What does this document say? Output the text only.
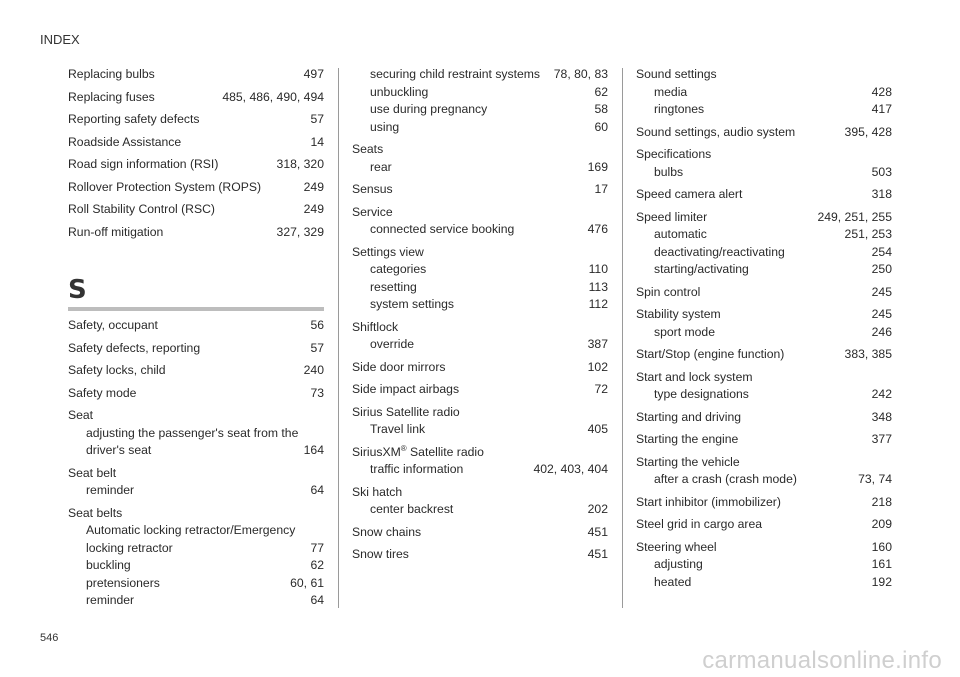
INDEX
Replacing bulbs	497
Replacing fuses	485, 486, 490, 494
Reporting safety defects	57
Roadside Assistance	14
Road sign information (RSI)	318, 320
Rollover Protection System (ROPS)	249
Roll Stability Control (RSC)	249
Run-off mitigation	327, 329
S
Safety, occupant	56
Safety defects, reporting	57
Safety locks, child	240
Safety mode	73
Seat
adjusting the passenger's seat from the
driver's seat	164
Seat belt
reminder	64
Seat belts
Automatic locking retractor/Emergency
locking retractor	77
buckling	62
pretensioners	60, 61
reminder	64
securing child restraint systems	78, 80, 83
unbuckling	62
use during pregnancy	58
using	60
Seats
rear	169
Sensus	17
Service
connected service booking	476
Settings view
categories	110
resetting	113
system settings	112
Shiftlock
override	387
Side door mirrors	102
Side impact airbags	72
Sirius Satellite radio
Travel link	405
SiriusXM® Satellite radio
traffic information	402, 403, 404
Ski hatch
center backrest	202
Snow chains	451
Snow tires	451
Sound settings
media	428
ringtones	417
Sound settings, audio system	395, 428
Specifications
bulbs	503
Speed camera alert	318
Speed limiter	249, 251, 255
automatic	251, 253
deactivating/reactivating	254
starting/activating	250
Spin control	245
Stability system	245
sport mode	246
Start/Stop (engine function)	383, 385
Start and lock system
type designations	242
Starting and driving	348
Starting the engine	377
Starting the vehicle
after a crash (crash mode)	73, 74
Start inhibitor (immobilizer)	218
Steel grid in cargo area	209
Steering wheel	160
adjusting	161
heated	192
546
carmanualsonline.info
